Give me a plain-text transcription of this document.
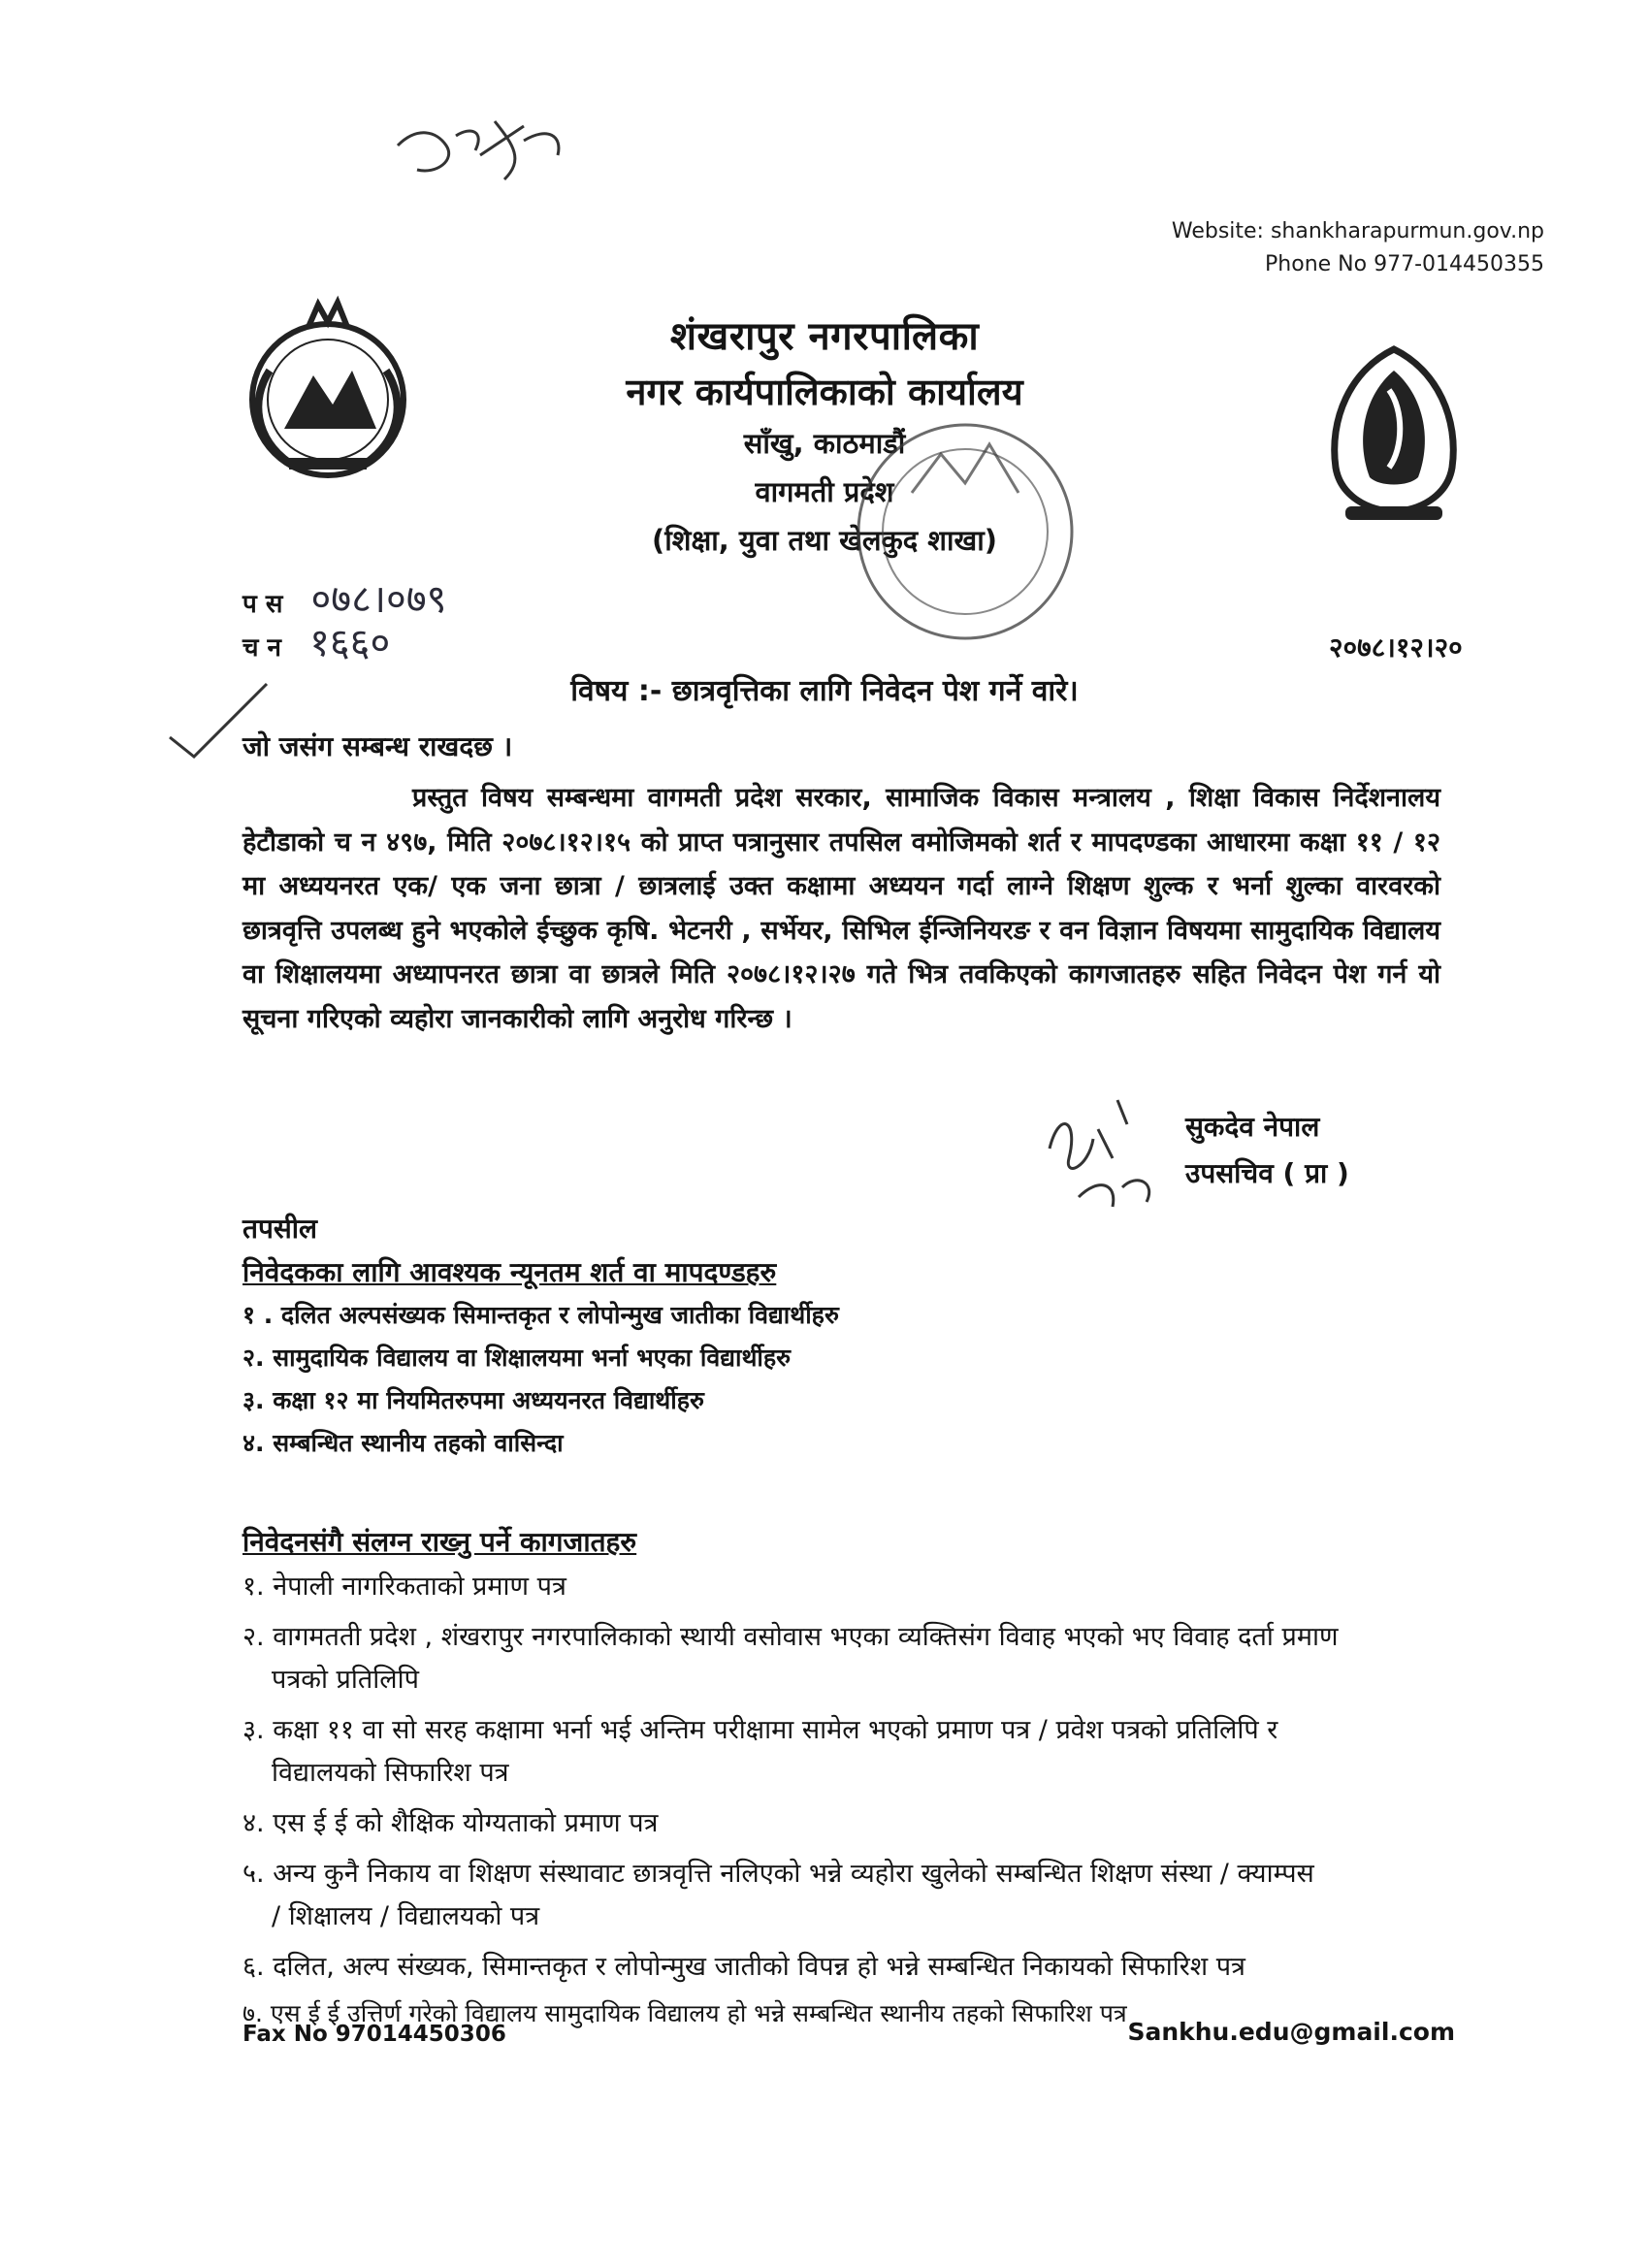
Website: shankharapurmun.gov.np
Phone No 977-014450355
शंखरापुर नगरपालिका
नगर कार्यपालिकाको कार्यालय
साँखु, काठमाडौं
वागमती प्रदेश
(शिक्षा, युवा तथा खेलकुद शाखा)
प स ०७८।०७९
च न १६६०	२०७८।१२।२०
विषय :- छात्रवृत्तिका लागि निवेदन पेश गर्ने वारे।
जो जसंग सम्बन्ध राखदछ ।
प्रस्तुत विषय सम्बन्धमा वागमती प्रदेश सरकार, सामाजिक विकास मन्त्रालय , शिक्षा विकास निर्देशनालय हेटौडाको च न ४९७, मिति २०७८।१२।१५ को प्राप्त पत्रानुसार तपसिल वमोजिमको शर्त र मापदण्डका आधारमा कक्षा ११ / १२ मा अध्ययनरत एक/ एक जना छात्रा / छात्रलाई उक्त कक्षामा अध्ययन गर्दा लाग्ने शिक्षण शुल्क र भर्ना शुल्का वारवरको छात्रवृत्ति उपलब्ध हुने भएकोले ईच्छुक कृषि. भेटनरी , सर्भेयर, सिभिल ईन्जिनियरङ र वन विज्ञान विषयमा सामुदायिक विद्यालय वा शिक्षालयमा अध्यापनरत छात्रा वा छात्रले मिति २०७८।१२।२७ गते भित्र तवकिएको कागजातहरु सहित निवेदन पेश गर्न यो सूचना गरिएको व्यहोरा जानकारीको लागि अनुरोध गरिन्छ ।
सुकदेव नेपाल
उपसचिव ( प्रा )
तपसील
निवेदकका लागि आवश्यक न्यूनतम शर्त वा मापदण्डहरु
१ . दलित अल्पसंख्यक सिमान्तकृत र लोपोन्मुख जातीका विद्यार्थीहरु
२. सामुदायिक विद्यालय वा शिक्षालयमा भर्ना भएका विद्यार्थीहरु
३. कक्षा १२ मा नियमितरुपमा अध्ययनरत विद्यार्थीहरु
४. सम्बन्धित स्थानीय तहको वासिन्दा
निवेदनसंगै संलग्न राख्नु पर्ने कागजातहरु
१. नेपाली नागरिकताको प्रमाण पत्र
२. वागमतती प्रदेश , शंखरापुर नगरपालिकाको स्थायी वसोवास भएका व्यक्तिसंग विवाह भएको भए विवाह दर्ता प्रमाण
पत्रको प्रतिलिपि
३. कक्षा ११ वा सो सरह कक्षामा भर्ना भई अन्तिम परीक्षामा सामेल भएको प्रमाण पत्र / प्रवेश पत्रको प्रतिलिपि र
विद्यालयको सिफारिश पत्र
४. एस ई ई को शैक्षिक योग्यताको प्रमाण पत्र
५. अन्य कुनै निकाय वा शिक्षण संस्थावाट छात्रवृत्ति नलिएको भन्ने व्यहोरा खुलेको सम्बन्धित शिक्षण संस्था / क्याम्पस
/ शिक्षालय / विद्यालयको पत्र
६. दलित, अल्प संख्यक, सिमान्तकृत र लोपोन्मुख जातीको विपन्न हो भन्ने सम्बन्धित निकायको सिफारिश पत्र
७. एस ई ई उत्तिर्ण गरेको विद्यालय सामुदायिक विद्यालय हो भन्ने सम्बन्धित स्थानीय तहको सिफारिश पत्र
Fax No 97014450306	Sankhu.edu@gmail.com
